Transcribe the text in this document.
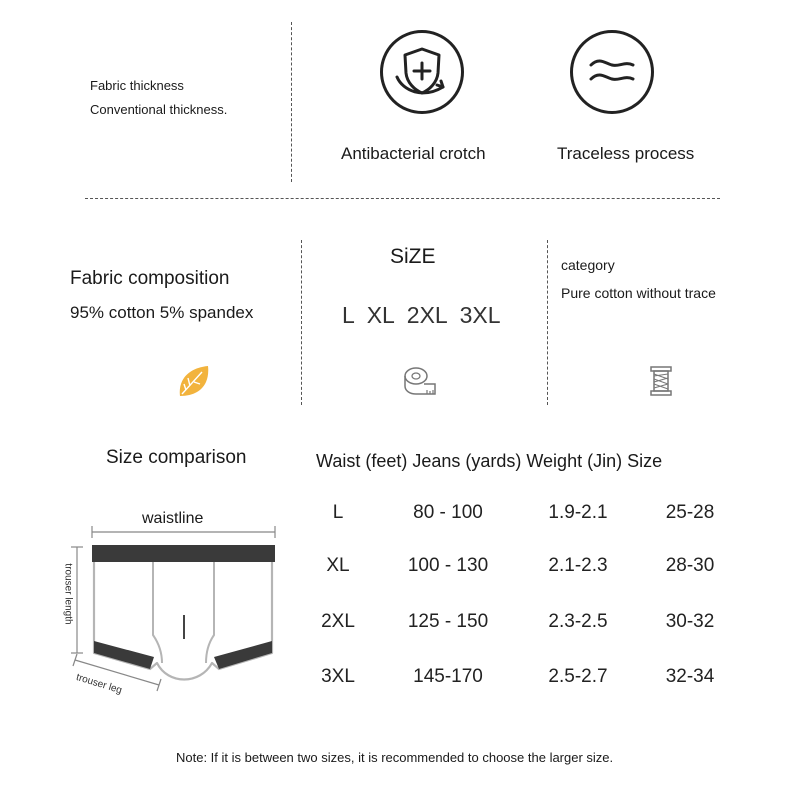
Fabric thickness
Conventional thickness.
Antibacterial crotch	Traceless process
Fabric composition
95% cotton 5% spandex
SiZE
L  XL  2XL  3XL
category
Pure cotton without trace
Size comparison	Waist (feet) Jeans (yards) Weight (Jin) Size
waistline
trouser length
trouser leg
L	80 - 100	1.9-2.1	25-28
XL	100 - 130	2.1-2.3	28-30
2XL	125 - 150	2.3-2.5	30-32
3XL	145-170	2.5-2.7	32-34
Note: If it is between two sizes, it is recommended to choose the larger size.
